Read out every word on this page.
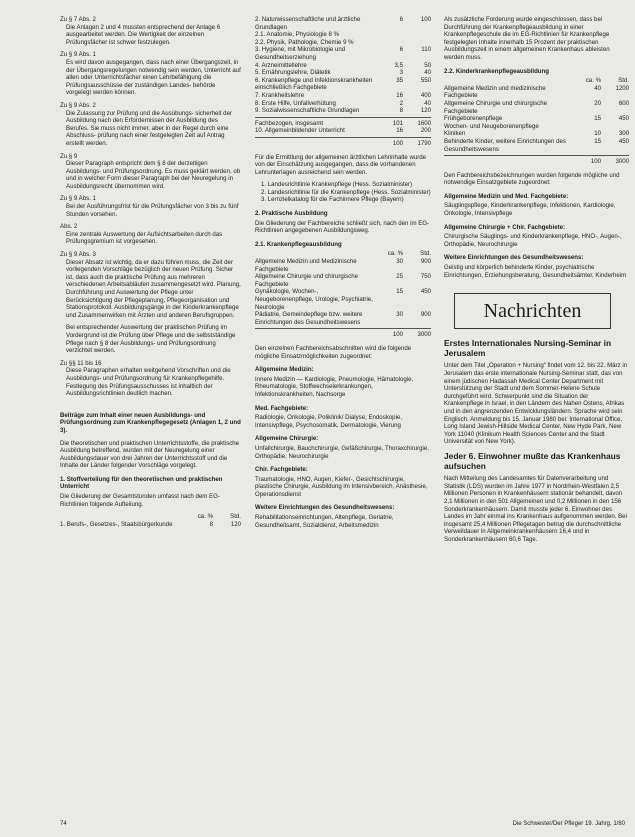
Zu § 7 Abs. 2
Die Anlagen 2 und 4 mussten entsprechend der Anlage 6 ausgearbeitet werden. Die Wertigkeit der einzelnen Prüfungsfächer ist schwer festzulegen.
Zu § 9 Abs. 1
Es wird davon ausgegangen, dass nach einer Übergangszeit, in der Übergangsregelungen notwendig sein werden, Unterricht auf allen oder Unterrichtsfächer einen Lehrbefähigung die Prüfungsausschüsse der zuständigen Landes- behörde vorgelegt werden können.
Zu § 9 Abs. 2
Die Zulassung zur Prüfung und die Ausübungs- sicherheit der Ausbildung nach den Erfordernissen der Ausbildung des Berufes. Sie muss nicht immer, aber in der Regel durch eine Abschluss- prüfung nach einer festgelegten Zeit auf Antrag erstellt werden.
Zu § 9
Dieser Paragraph entspricht dem § 8 der derzeitigen Ausbildungs- und Prüfungsordnung. Es muss geklärt werden, ob und in welcher Form dieser Paragraph bei der Neuregelung in Ausbildungsrecht übernommen wird.
Zu § 9 Abs. 1
Bei der Ausführungsfrist für die Prüfungsfächer von 3 bis zu fünf Stunden vorsehen.
Abs. 2
Eine zentrale Auswertung der Aufsichtsarbeiten durch das Prüfungsgremium ist vorgesehen.
Zu § 9 Abs. 3
Dieser Absatz ist wichtig, da er dazu führen muss, die Zeit der vorliegenden Vorschläge bezüglich der neuen Prüfung. Sicher ist, dass auch die praktische Prüfung aus mehreren verschiedenen Arbeitsabläufen zusammengesetzt wird. Planung, Durchführung und Auswertung der Pflege unter Berücksichtigung der Pflegeplanung, Pflegeorganisation und Stationsprotokoll. Ausbildungsgänge in der Kinderkrankenpflege und Zusammenwirken mit Ärzten und anderen Berufsgruppen.
Bei entsprechender Auswertung der praktischen Prüfung im Vordergrund ist die Prüfung über Pflege und die selbstständige Pflege nach § 8 der Ausbildungs- und Prüfungsordnung verzichtet werden.
Zu §§ 11 bis 16
Diese Paragraphen erhalten weitgehend Vorschriften und die Ausbildungs- und Prüfungsordnung für Krankenpflegehilfe. Festlegung des Prüfungsausschusses ist inhaltlich der Ausbildungsrichtlinien deutlich machen.
Beiträge zum Inhalt einer neuen Ausbildungs- und Prüfungsordnung zum Krankenpflegegesetz (Anlagen 1, 2 und 3).
Die theoretischen und praktischen Unterrichtsstoffe, die praktische Ausbildung betreffend, wurden mit der Neuregelung einer Ausbildungsdauer von drei Jahren der Unterrichtsstoff und die Inhalte der Länder folgender Vorschläge vorgelegt.
1. Stoffverteilung für den theoretischen und praktischen Unterricht
Die Gliederung der Gesamtstunden umfasst nach dem EG-Richtlinien folgende Aufteilung.
ca. %	Std.
1. Berufs-, Gesetzes-, Staatsbürgerkunde	8	120
2. Naturwissenschaftliche und ärztliche Grundlagen
6	100
2.1. Anatomie, Physiologie 8 %
2.2. Physik, Pathologie, Chemie 9 %
3. Hygiene, mit Mikrobiologie und Gesundheitserziehung
6	110
4. Arzneimittellehre	3,5	50
5. Ernährungslehre, Diätetik	3	40
6. Krankenpflege und Infektionskrankheiten einschließlich Fachgebiete
35	550
7. Krankheitslehre	16	400
8. Erste Hilfe, Unfallverhütung	2	40
9. Sozialwissenschaftliche Grundlagen	8	120
Fachbezogen, insgesamt	101	1600
10. Allgemeinbildender Unterricht	16	200
100	1790
Für die Ermittlung der allgemeinen ärztlichen Lehrinhalte wurde von der Einschätzung ausgegangen, dass die vorhandenen Lehrunterlagen ausreichend sein werden.
1. Landesrichtlinie Krankenpflege (Hess. Sozialminister)
2. Landesrichtlinie für die Krankenpflege (Hess. Sozialminister)
3. Lernzielkatalog für die Fachinnere Pflege (Bayern)
2. Praktische Ausbildung
Die Gliederung der Fachbereiche schließt sich, nach den im EG-Richtlinien angegebenen Ausbildungsweg.
2.1. Krankenpflegeausbildung
ca. %	Std.
Allgemeine Medizin und Medizinische Fachgebiete
30	900
Allgemeine Chirurgie und chirurgische Fachgebiete
25	750
Gynäkologie, Wochen-, Neugeborenenpflege, Urologie, Psychiatrie, Neurologie
15	450
Pädiatrie, Gemeindepflege bzw. weitere Einrichtungen des Gesundheitswesens
30	900
100	3000
Den einzelnen Fachbereichsabschnitten wird die folgende mögliche Einsatzmöglichkeiten zugeordnet:
Allgemeine Medizin:
Innere Medizin — Kardiologie, Pneumologie, Hämatologie, Rheumatologie, Stoffwechselerkrankungen, Infektionskrankheiten, Nachsorge
Med. Fachgebiete:
Radiologie, Onkologie, Poliklinik/ Dialyse, Endoskopie, Intensivpflege, Psychosomatik, Dermatologie, Vierung
Allgemeine Chirurgie:
Unfallchirurgie, Bauchchirurgie, Gefäßchirurgie, Thoraxchirurgie, Orthopädie, Neurochirurgie
Chir. Fachgebiete:
Traumatologie, HNO, Augen, Kiefer-, Gesichtschirurgie, plastische Chirurgie, Ausbildung im Intensivbereich, Anästhesie, Operationsdienst
Weitere Einrichtungen des Gesundheitswesens:
Rehabilitationseinrichtungen, Altenpflege, Geriatrie, Gesundheitsamt, Sozialdienst, Arbeitsmedizin
Als zusätzliche Forderung wurde eingeschlossen, dass bei Durchführung der Krankenpflegeausbildung in einer Krankenpflegeschule die im EG-Richtlinien für Krankenpflege festgelegten Inhalte innerhalb 15 Prozent der praktischen Ausbildungszeit in einem allgemeinen Krankenhaus ableisten werden muss.
2.2. Kinderkrankenpflegeausbildung
ca. %	Std.
Allgemeine Medizin und medizinische Fachgebiete
40	1200
Allgemeine Chirurgie und chirurgische Fachgebiete
20	600
Frühgeborenenpflege	15	450
Wochen- und Neugeborenenpflege
Kliniken	10	300
Behinderte Kinder, weitere Einrichtungen des Gesundheitswesens
15	450
100	3000
Den Fachbereichsbezeichnungen wurden folgende mögliche und notwendige Einsatzgebiete zugeordnet:
Allgemeine Medizin und Med. Fachgebiete:
Säuglingspflege, Kinderkrankenpflege, Infektionen, Kardiologie, Onkologie, Intensivpflege
Allgemeine Chirurgie + Chir. Fachgebiete:
Chirurgische Säuglings- und Kinderkrankenpflege, HNO-, Augen-, Orthopädie, Neurochirurgie
Weitere Einrichtungen des Gesundheitswesens:
Geistig und körperlich behinderte Kinder, psychiatrische Einrichtungen, Erziehungsberatung, Gesundheitsämter, Kinderheim
Nachrichten
Erstes Internationales Nursing-Seminar in Jerusalem
Unter dem Titel „Operation + Nursing“ findet vom 12. bis 22. März in Jerusalem das erste internationale Nursing-Seminar statt, das von einem jüdischen Hadassah Medical Center Department mit Unterstützung der Stadt und dem Sommer-Helene Schule durchgeführt wird. Schwerpunkt sind die Situation der Krankenpflege in Israel, in den Ländern des Nahen Ostens, Afrikas und in den angrenzenden Entwicklungsländern. Sprache wird sein Englisch. Anmeldung bis 15. Januar 1980 bei: International Office, Long Island Jewish-Hillside Medical Center, New Hyde Park, New York 11040 (Klinikum Health Sciences Center and the Stadt Universität von New York).
Jeder 6. Einwohner mußte das Krankenhaus aufsuchen
Nach Mitteilung des Landesamtes für Datenverarbeitung und Statistik (LDS) wurden im Jahre 1977 in Nordrhein-Westfalen 2,5 Millionen Personen in Krankenhäusern stationär behandelt, davon 2,1 Millionen in den 501 Allgemeinen und 0,2 Millionen in den 156 Sonderkrankenhäusern. Damit musste jeder 6. Einwohner des Landes im Jahr einmal ins Krankenhaus aufgenommen werden. Bei insgesamt 25,4 Millionen Pflegetagen betrug die durchschnittliche Verweildauer in Allgemeinkrankenhäusern 16,4 und in Sonderkrankenhäusern 60,6 Tage.
74	Die Schwester/Der Pfleger 19. Jahrg. 1/80
